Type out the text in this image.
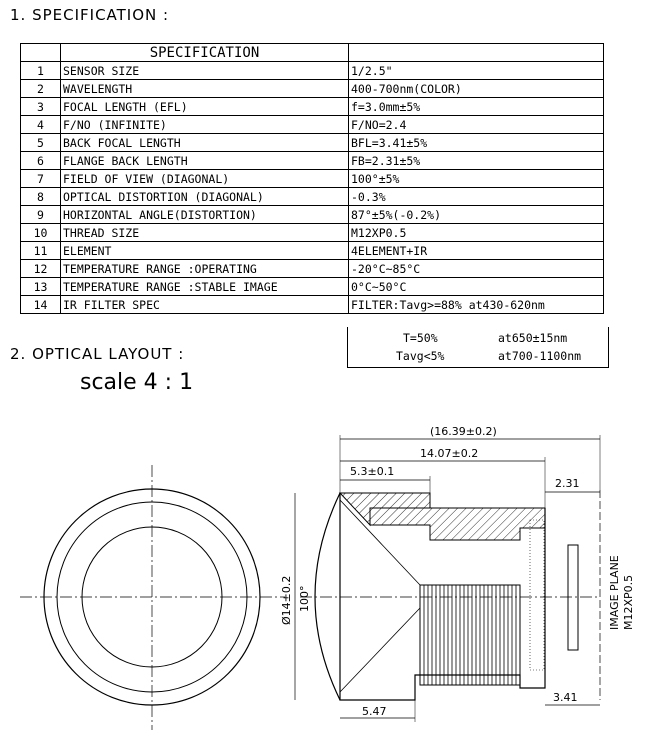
1. SPECIFICATION :
	SPECIFICATION	
1	SENSOR SIZE	1/2.5"
2	WAVELENGTH	400-700nm(COLOR)
3	FOCAL LENGTH (EFL)	f=3.0mm±5%
4	F/NO (INFINITE)	F/NO=2.4
5	BACK FOCAL LENGTH	BFL=3.41±5%
6	FLANGE BACK LENGTH	FB=2.31±5%
7	FIELD OF VIEW (DIAGONAL)	100°±5%
8	OPTICAL DISTORTION (DIAGONAL)	-0.3%
9	HORIZONTAL ANGLE(DISTORTION)	87°±5%(-0.2%)
10	THREAD SIZE	M12XP0.5
11	ELEMENT	4ELEMENT+IR
12	TEMPERATURE RANGE :OPERATING	-20°C~85°C
13	TEMPERATURE RANGE :STABLE IMAGE	0°C~50°C
14	IR FILTER SPEC	FILTER:Tavg>=88% at430-620nm
T=50%	at650±15nm
Tavg<5%	at700-1100nm
2. OPTICAL LAYOUT :
scale 4 : 1
(16.39±0.2)
14.07±0.2
5.3±0.1
2.31
Ø14±0.2 100°	IMAGE PLANE M12XP0.5
5.47
3.41
